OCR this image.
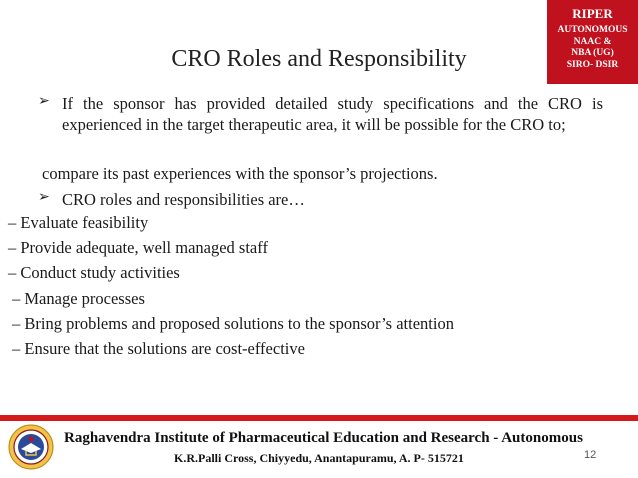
RIPER
AUTONOMOUS
NAAC &
NBA (UG)
SIRO- DSIR
CRO Roles and Responsibility
➢ If the sponsor has provided detailed study specifications and the CRO is experienced in the target therapeutic area, it will be possible for the CRO to;
compare its past experiences with the sponsor’s projections.
➢ CRO roles and responsibilities are…
– Evaluate feasibility
– Provide adequate, well managed staff
– Conduct study activities
– Manage processes
– Bring problems and proposed solutions to the sponsor’s attention
– Ensure that the solutions are cost-effective
Raghavendra Institute of Pharmaceutical Education and Research - Autonomous
K.R.Palli Cross, Chiyyedu, Anantapuramu, A. P- 515721	12
